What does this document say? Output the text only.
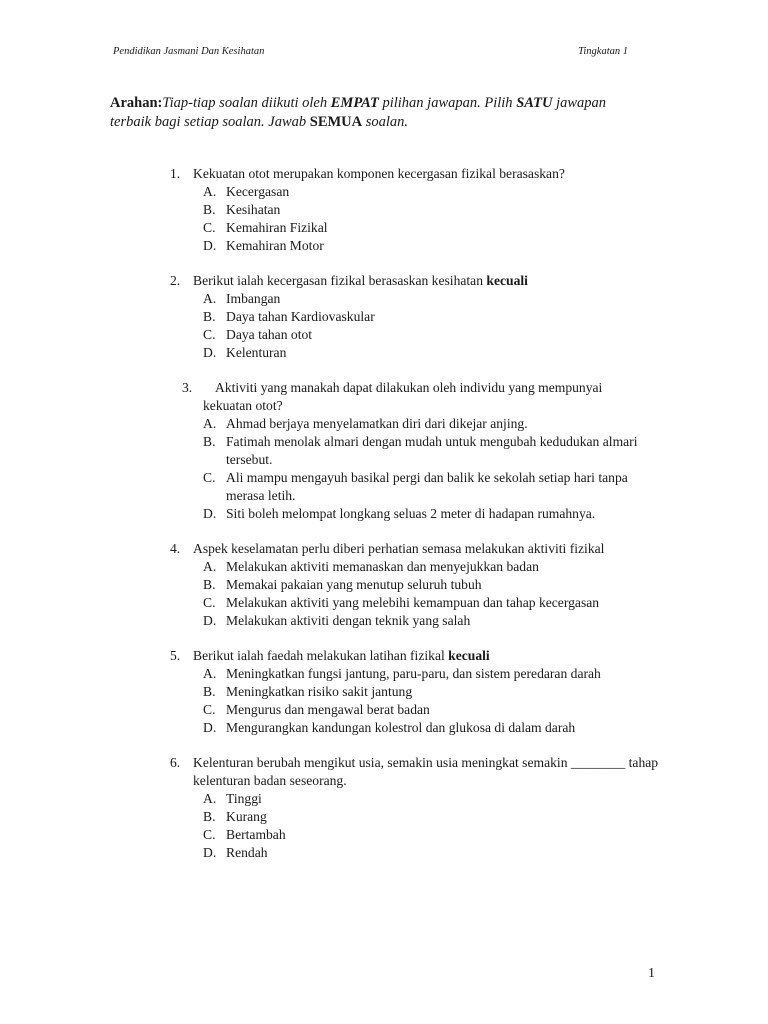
Pendidikan Jasmani Dan Kesihatan	Tingkatan 1
Arahan:Tiap-tiap soalan diikuti oleh EMPAT pilihan jawapan. Pilih SATU jawapan terbaik bagi setiap soalan. Jawab SEMUA soalan.
1. Kekuatan otot merupakan komponen kecergasan fizikal berasaskan?
A. Kecergasan
B. Kesihatan
C. Kemahiran Fizikal
D. Kemahiran Motor
2. Berikut ialah kecergasan fizikal berasaskan kesihatan kecuali
A. Imbangan
B. Daya tahan Kardiovaskular
C. Daya tahan otot
D. Kelenturan
3. Aktiviti yang manakah dapat dilakukan oleh individu yang mempunyai
kekuatan otot?
A. Ahmad berjaya menyelamatkan diri dari dikejar anjing.
B. Fatimah menolak almari dengan mudah untuk mengubah kedudukan almari tersebut.
C. Ali mampu mengayuh basikal pergi dan balik ke sekolah setiap hari tanpa merasa letih.
D. Siti boleh melompat longkang seluas 2 meter di hadapan rumahnya.
4. Aspek keselamatan perlu diberi perhatian semasa melakukan aktiviti fizikal
A. Melakukan aktiviti memanaskan dan menyejukkan badan
B. Memakai pakaian yang menutup seluruh tubuh
C. Melakukan aktiviti yang melebihi kemampuan dan tahap kecergasan
D. Melakukan aktiviti dengan teknik yang salah
5. Berikut ialah faedah melakukan latihan fizikal kecuali
A. Meningkatkan fungsi jantung, paru-paru, dan sistem peredaran darah
B. Meningkatkan risiko sakit jantung
C. Mengurus dan mengawal berat badan
D. Mengurangkan kandungan kolestrol dan glukosa di dalam darah
6. Kelenturan berubah mengikut usia, semakin usia meningkat semakin ________ tahap kelenturan badan seseorang.
A. Tinggi
B. Kurang
C. Bertambah
D. Rendah
1
